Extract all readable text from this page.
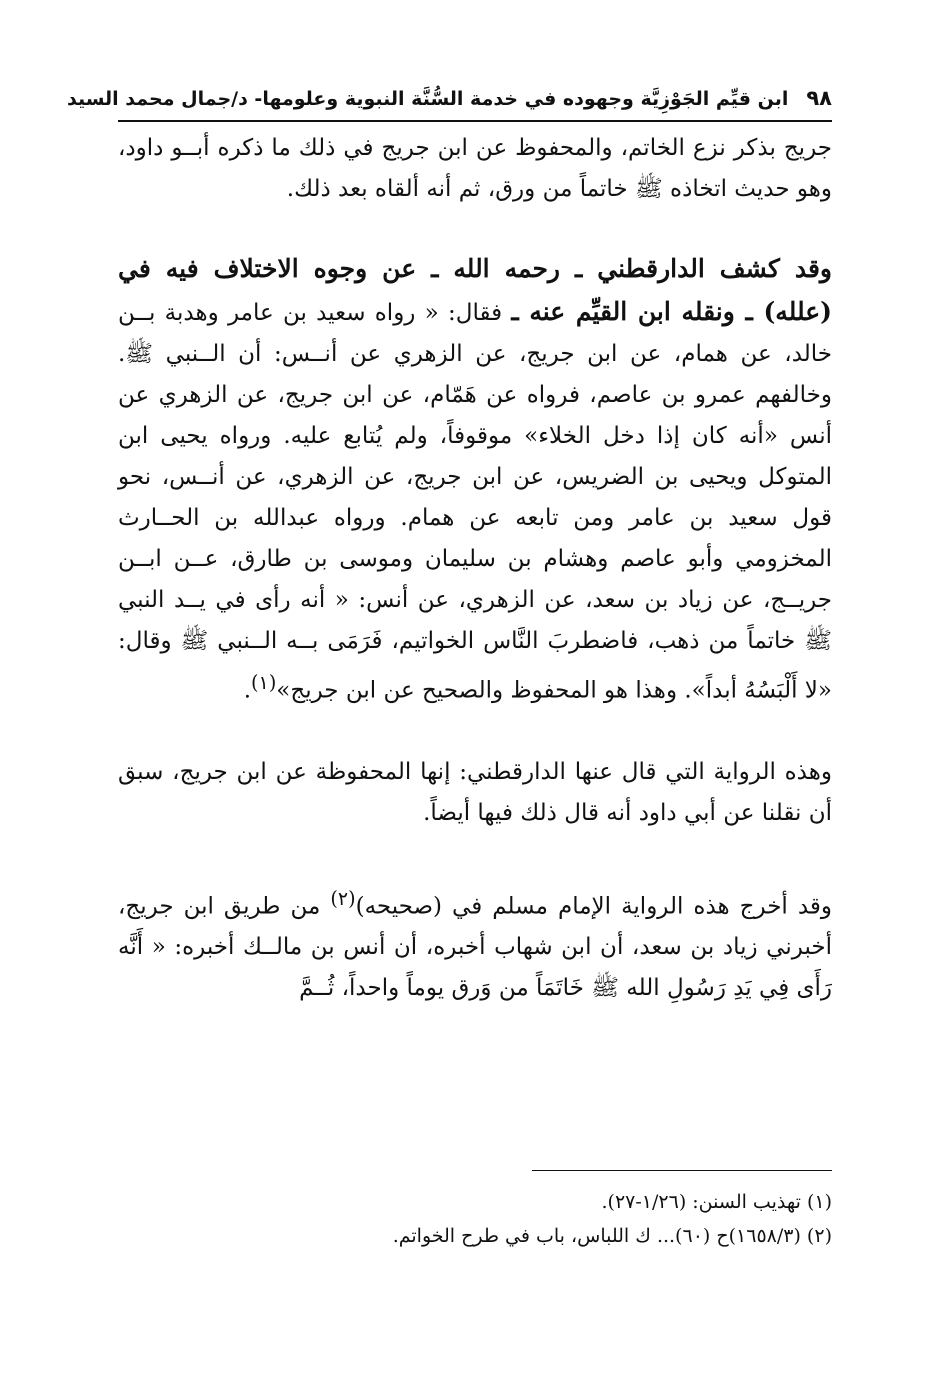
٩٨
ابن قيِّم الجَوْزِيَّة وجهوده في خدمة السُّنَّة النبوية وعلومها- د/جمال محمد السيد

جريج بذكر نزع الخاتم، والمحفوظ عن ابن جريج في ذلك ما ذكره أبــو داود، وهو حديث اتخاذه ﷺ خاتماً من ورق، ثم أنه ألقاه بعد ذلك.

وقد كشف الدارقطني ـ رحمه الله ـ عن وجوه الاختلاف فيه في (علله) ـ ونقله ابن القيِّم عنه ـ فقال: « رواه سعيد بن عامر وهدبة بــن خالد، عن همام، عن ابن جريج، عن الزهري عن أنــس: أن الــنبي ﷺ. وخالفهم عمرو بن عاصم، فرواه عن هَمّام، عن ابن جريج، عن الزهري عن أنس «أنه كان إذا دخل الخلاء» موقوفاً، ولم يُتابع عليه. ورواه يحيى ابن المتوكل ويحيى بن الضريس، عن ابن جريج، عن الزهري، عن أنــس، نحو قول سعيد بن عامر ومن تابعه عن همام. ورواه عبدالله بن الحــارث المخزومي وأبو عاصم وهشام بن سليمان وموسى بن طارق، عــن ابــن جريــج، عن زياد بن سعد، عن الزهري، عن أنس: « أنه رأى في يــد النبي ﷺ خاتماً من ذهب، فاضطربَ النَّاس الخواتيم، فَرَمَى بــه الــنبي ﷺ وقال: «لا أَلْبَسُهُ أبداً». وهذا هو المحفوظ والصحيح عن ابن جريج»$^{(١)}$.

وهذه الرواية التي قال عنها الدارقطني: إنها المحفوظة عن ابن جريج، سبق أن نقلنا عن أبي داود أنه قال ذلك فيها أيضاً.

وقد أخرج هذه الرواية الإمام مسلم في (صحيحه)$^{(٢)}$ من طريق ابن جريج، أخبرني زياد بن سعد، أن ابن شهاب أخبره، أن أنس بن مالــك أخبره: « أَنَّه رَأَى فِي يَدِ رَسُولِ الله ﷺ خَاتَمَاً من وَرق يوماً واحداً، ثُــمَّ

(١) تهذيب السنن: (١/٢٦-٢٧).

(٢) (١٦٥٨/٣)ح (٦٠)... ك اللباس، باب في طرح الخواتم.
